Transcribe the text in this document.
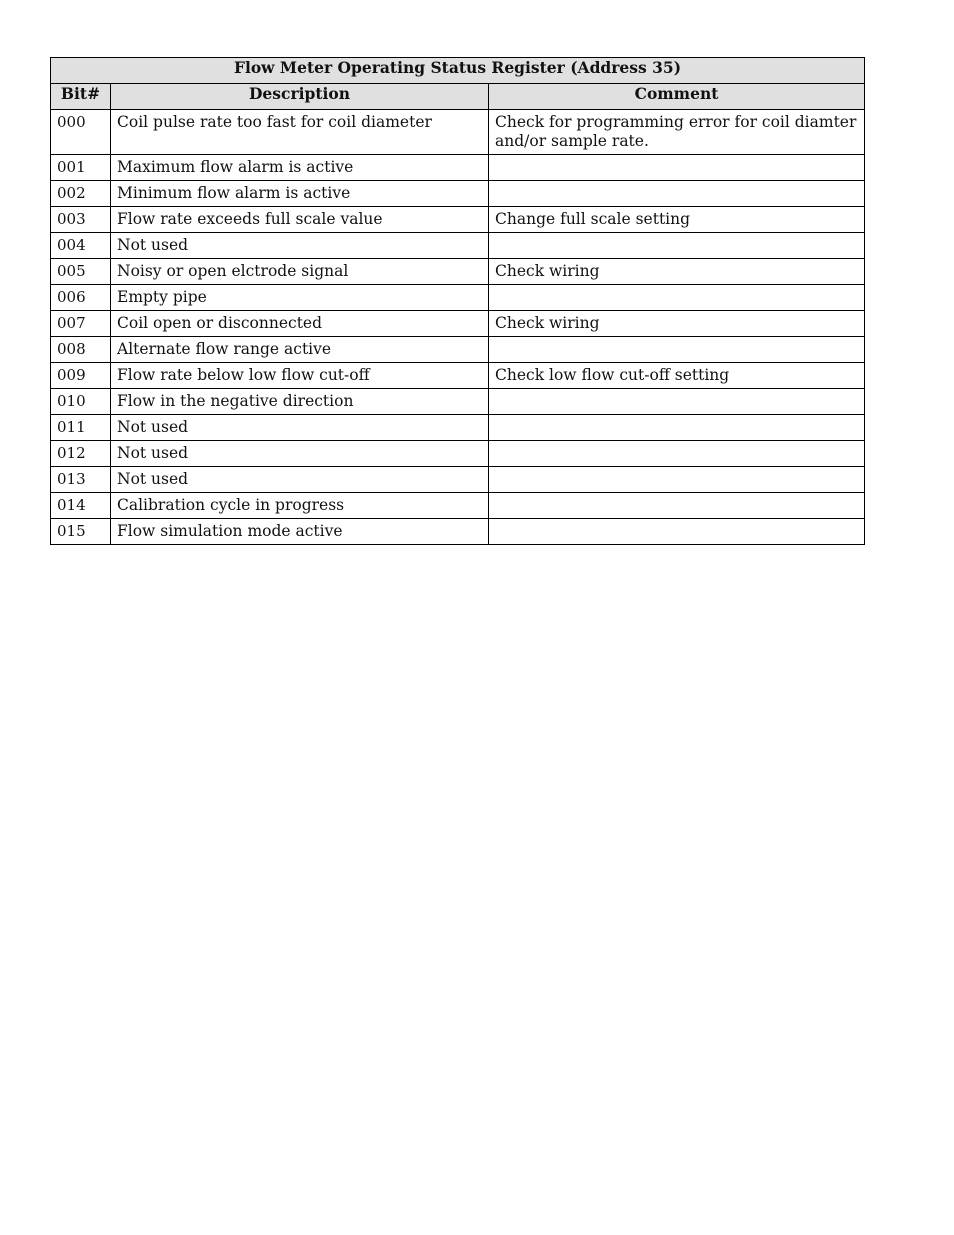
Flow Meter Operating Status Register (Address 35)		
Bit#	Description	Comment

000	Coil pulse rate too fast for coil diameter	Check for programming error for coil diamter and/or sample rate.

001	Maximum flow alarm is active	

002	Minimum flow alarm is active	

003	Flow rate exceeds full scale value	Change full scale setting

004	Not used	

005	Noisy or open elctrode signal	Check wiring

006	Empty pipe	

007	Coil open or disconnected	Check wiring

008	Alternate flow range active	

009	Flow rate below low flow cut-off	Check low flow cut-off setting

010	Flow in the negative direction	

011	Not used	

012	Not used	

013	Not used	

014	Calibration cycle in progress	

015	Flow simulation mode active	
